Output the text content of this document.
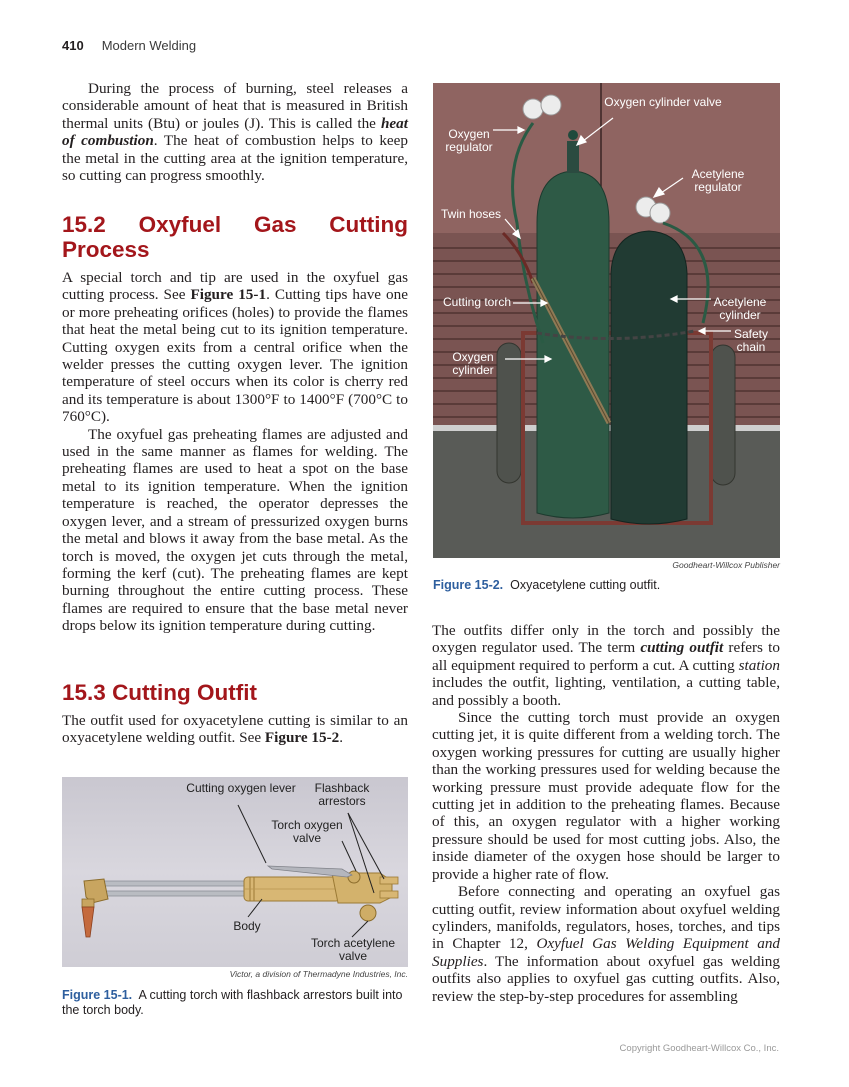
410 Modern Welding

During the process of burning, steel releases a considerable amount of heat that is measured in British thermal units (Btu) or joules (J). This is called the heat of combustion. The heat of combustion helps to keep the metal in the cutting area at the ignition temperature, so cutting can progress smoothly.

15.2 Oxyfuel Gas Cutting Process

A special torch and tip are used in the oxyfuel gas cutting process. See Figure 15-1. Cutting tips have one or more preheating orifices (holes) to provide the flames that heat the metal being cut to its ignition temperature. Cutting oxygen exits from a central orifice when the welder presses the cutting oxygen lever. The ignition temperature of steel occurs when its color is cherry red and its temperature is about 1300°F to 1400°F (700°C to 760°C).

The oxyfuel gas preheating flames are adjusted and used in the same manner as flames for welding. The preheating flames are used to heat a spot on the base metal to its ignition temperature. When the ignition temperature is reached, the operator depresses the oxygen lever, and a stream of pressurized oxygen burns the metal and blows it away from the base metal. As the torch is moved, the oxygen jet cuts through the metal, forming the kerf (cut). The preheating flames are kept burning throughout the entire cutting process. These flames are required to ensure that the base metal never drops below its ignition temperature during cutting.

15.3 Cutting Outfit

The outfit used for oxyacetylene cutting is similar to an oxyacetylene welding outfit. See Figure 15-2.

Cutting oxygen lever	Flashback arrestors
Torch oxygen valve
Body
Torch acetylene valve
Victor, a division of Thermadyne Industries, Inc.
Figure 15-1. A cutting torch with flashback arrestors built into the torch body.
Oxygen cylinder valve
Oxygen regulator
Acetylene regulator
Twin hoses
Cutting torch	Acetylene cylinder
Safety chain
Oxygen cylinder
Goodheart-Willcox Publisher
Figure 15-2. Oxyacetylene cutting outfit.

The outfits differ only in the torch and possibly the oxygen regulator used. The term cutting outfit refers to all equipment required to perform a cut. A cutting station includes the outfit, lighting, ventilation, a cutting table, and possibly a booth.

Since the cutting torch must provide an oxygen cutting jet, it is quite different from a welding torch. The oxygen working pressures for cutting are usually higher than the working pressures used for welding because the working pressure must provide adequate flow for the cutting jet in addition to the preheating flames. Because of this, an oxygen regulator with a higher working pressure should be used for most cutting jobs. Also, the inside diameter of the oxygen hose should be larger to provide a higher rate of flow.

Before connecting and operating an oxyfuel gas cutting outfit, review information about oxyfuel welding cylinders, manifolds, regulators, hoses, torches, and tips in Chapter 12, Oxyfuel Gas Welding Equipment and Supplies. The information about oxyfuel gas welding outfits also applies to oxyfuel gas cutting outfits. Also, review the step-by-step procedures for assembling

Copyright Goodheart-Willcox Co., Inc.
